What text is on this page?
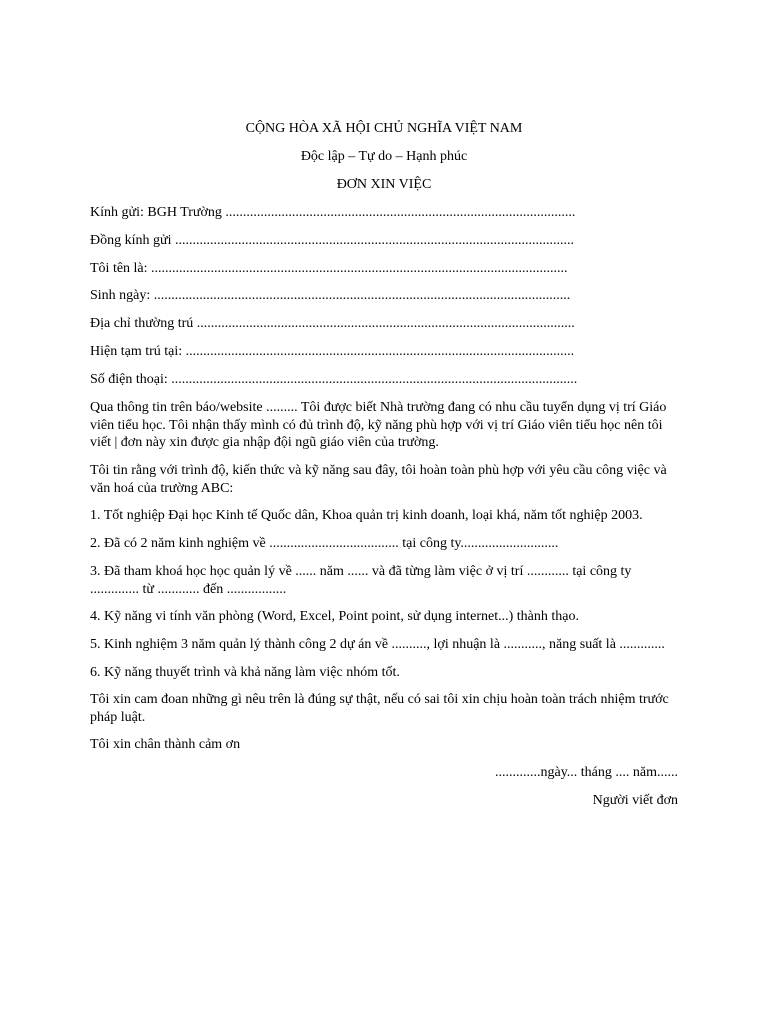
CỘNG HÒA XÃ HỘI CHỦ NGHĨA VIỆT NAM
Độc lập – Tự do – Hạnh phúc
ĐƠN XIN VIỆC
Kính gửi: BGH Trường ....................................................................................................
Đồng kính gửi ..................................................................................................................
Tôi tên là: .......................................................................................................................
Sinh ngày: .......................................................................................................................
Địa chỉ thường trú ............................................................................................................
Hiện tạm trú tại: ...............................................................................................................
Số điện thoại: ....................................................................................................................
Qua thông tin trên báo/website ......... Tôi được biết Nhà trường đang có nhu cầu tuyển dụng vị trí Giáo viên tiểu học. Tôi nhận thấy mình có đủ trình độ, kỹ năng phù hợp với vị trí Giáo viên tiểu học nên tôi viết | đơn này xin được gia nhập đội ngũ giáo viên của trường.
Tôi tin rằng với trình độ, kiến thức và kỹ năng sau đây, tôi hoàn toàn phù hợp với yêu cầu công việc và văn hoá của trường ABC:
1. Tốt nghiệp Đại học Kinh tế Quốc dân, Khoa quản trị kinh doanh, loại khá, năm tốt nghiệp 2003.
2. Đã có 2 năm kinh nghiệm về ..................................... tại công ty............................
3. Đã tham khoá học học quản lý về ...... năm ...... và đã từng làm việc ở vị trí ............ tại công ty .............. từ ............ đến .................
4. Kỹ năng vi tính văn phòng (Word, Excel, Point point, sử dụng internet...) thành thạo.
5. Kinh nghiệm 3 năm quản lý thành công 2 dự án về .........., lợi nhuận là ..........., năng suất là .............
6. Kỹ năng thuyết trình và khả năng làm việc nhóm tốt.
Tôi xin cam đoan những gì nêu trên là đúng sự thật, nếu có sai tôi xin chịu hoàn toàn trách nhiệm trước pháp luật.
Tôi xin chân thành cảm ơn
.............ngày... tháng .... năm......
Người viết đơn
